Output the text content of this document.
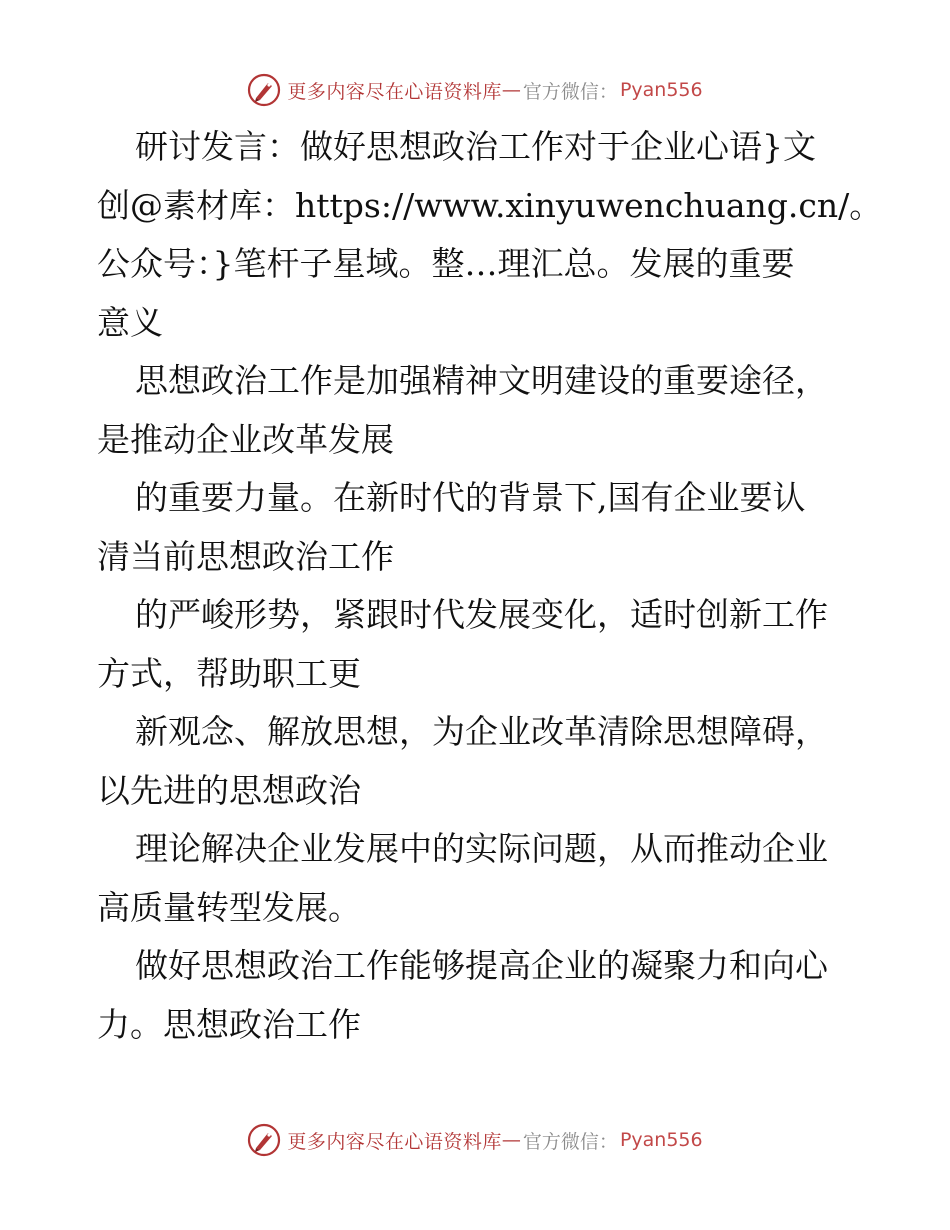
更多内容尽在心语资料库 — 官方微信： Pyan556
研讨发言：做好思想政治工作对于企业心语}文
创@素材库：https://www.xinyuwenchuang.cn/。
公众号：}笔杆子星域。整…理汇总。发展的重要
意义
思想政治工作是加强精神文明建设的重要途径，
是推动企业改革发展
的重要力量。在新时代的背景下,国有企业要认
清当前思想政治工作
的严峻形势，紧跟时代发展变化，适时创新工作
方式，帮助职工更
新观念、解放思想，为企业改革清除思想障碍，
以先进的思想政治
理论解决企业发展中的实际问题，从而推动企业
高质量转型发展。
做好思想政治工作能够提高企业的凝聚力和向心
力。思想政治工作
更多内容尽在心语资料库 — 官方微信： Pyan556
